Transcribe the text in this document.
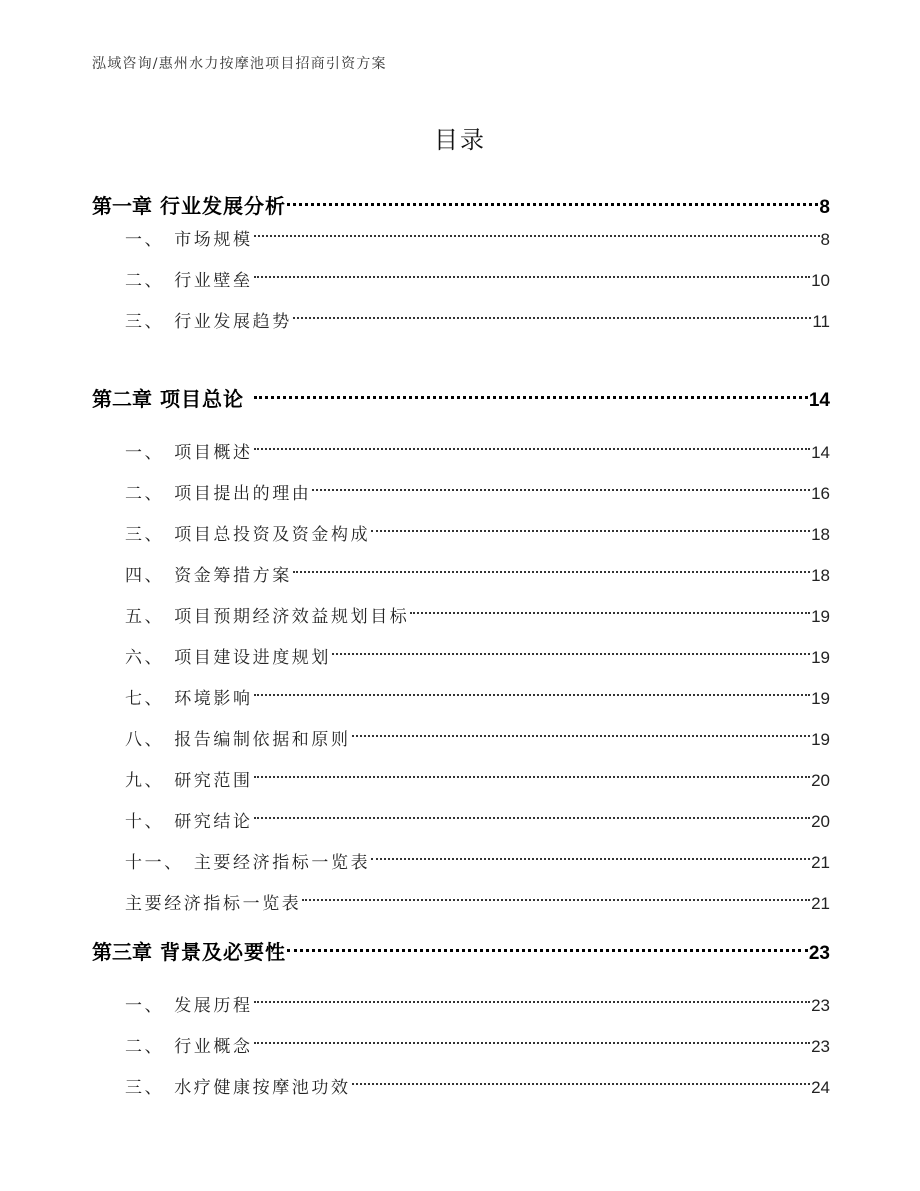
泓域咨询/惠州水力按摩池项目招商引资方案
目录
第一章 行业发展分析	8
一、 市场规模	8
二、 行业壁垒	10
三、 行业发展趋势	11
第二章 项目总论	14
一、 项目概述	14
二、 项目提出的理由	16
三、 项目总投资及资金构成	18
四、 资金筹措方案	18
五、 项目预期经济效益规划目标	19
六、 项目建设进度规划	19
七、 环境影响	19
八、 报告编制依据和原则	19
九、 研究范围	20
十、 研究结论	20
十一、 主要经济指标一览表	21
主要经济指标一览表	21
第三章 背景及必要性	23
一、 发展历程	23
二、 行业概念	23
三、 水疗健康按摩池功效	24
